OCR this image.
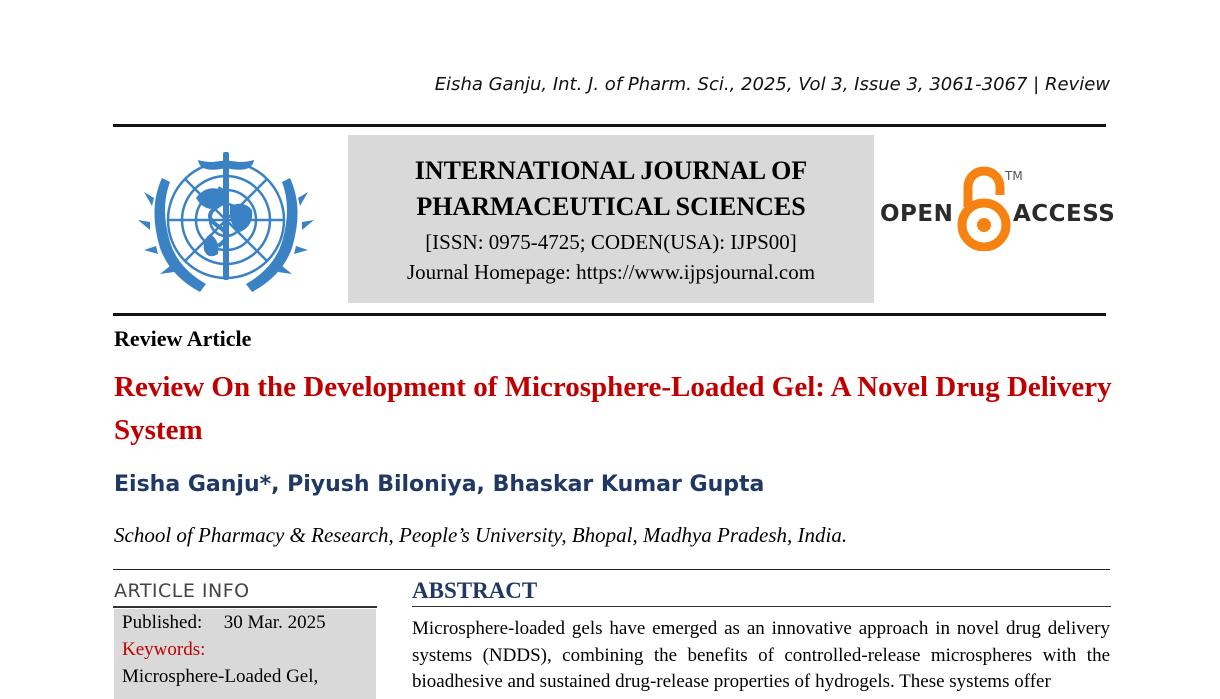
Eisha Ganju, Int. J. of Pharm. Sci., 2025, Vol 3, Issue 3, 3061-3067 | Review
INTERNATIONAL JOURNAL OF
PHARMACEUTICAL SCIENCES
[ISSN: 0975-4725; CODEN(USA): IJPS00]
Journal Homepage: https://www.ijpsjournal.com
OPEN
TM
ACCESS
Review Article
Review On the Development of Microsphere-Loaded Gel: A Novel Drug Delivery System
Eisha Ganju*, Piyush Biloniya, Bhaskar Kumar Gupta
School of Pharmacy & Research, People’s University, Bhopal, Madhya Pradesh, India.
ARTICLE INFO
Published: 30 Mar. 2025
Keywords:
Microsphere-Loaded Gel,
ABSTRACT
Microsphere-loaded gels have emerged as an innovative approach in novel drug delivery systems (NDDS), combining the benefits of controlled-release microspheres with the bioadhesive and sustained drug-release properties of hydrogels. These systems offer
